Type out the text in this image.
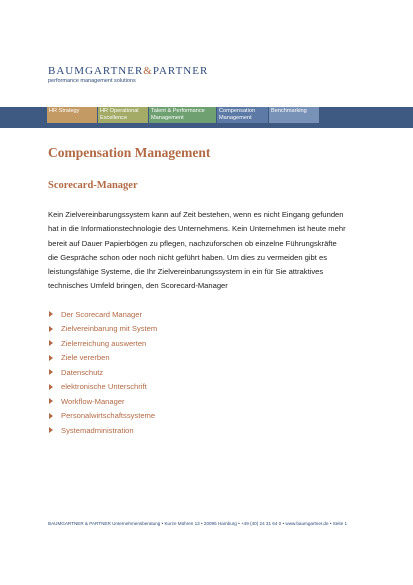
BAUMGARTNER&PARTNER
performance management solutions
HR Strategy	HR Operational
Excellence
Talent & Performance
Management
Compensation
Management
Benchmarking
Compensation Management
Scorecard-Manager
Kein Zielvereinbarungssystem kann auf Zeit bestehen, wenn es nicht Eingang gefunden
hat in die Informationstechnologie des Unternehmens. Kein Unternehmen ist heute mehr
bereit auf Dauer Papierbögen zu pflegen, nachzuforschen ob einzelne Führungskräfte
die Gespräche schon oder noch nicht geführt haben. Um dies zu vermeiden gibt es
leistungsfähige Systeme, die Ihr Zielvereinbarungssystem in ein für Sie attraktives
technisches Umfeld bringen, den Scorecard-Manager
Der Scorecard Manager
Zielvereinbarung mit System
Zielerreichung auswerten
Ziele vererben
Datenschutz
elektronische Unterschrift
Workflow-Manager
Personalwirtschaftssysteme
Systemadministration
BAUMGARTNER & PARTNER Unternehmensberatung • Kurze Mühren 13 • 20095 Hamburg • +49 (40) 24 31 64 0 • www.baumgartner.de • Seite 1
